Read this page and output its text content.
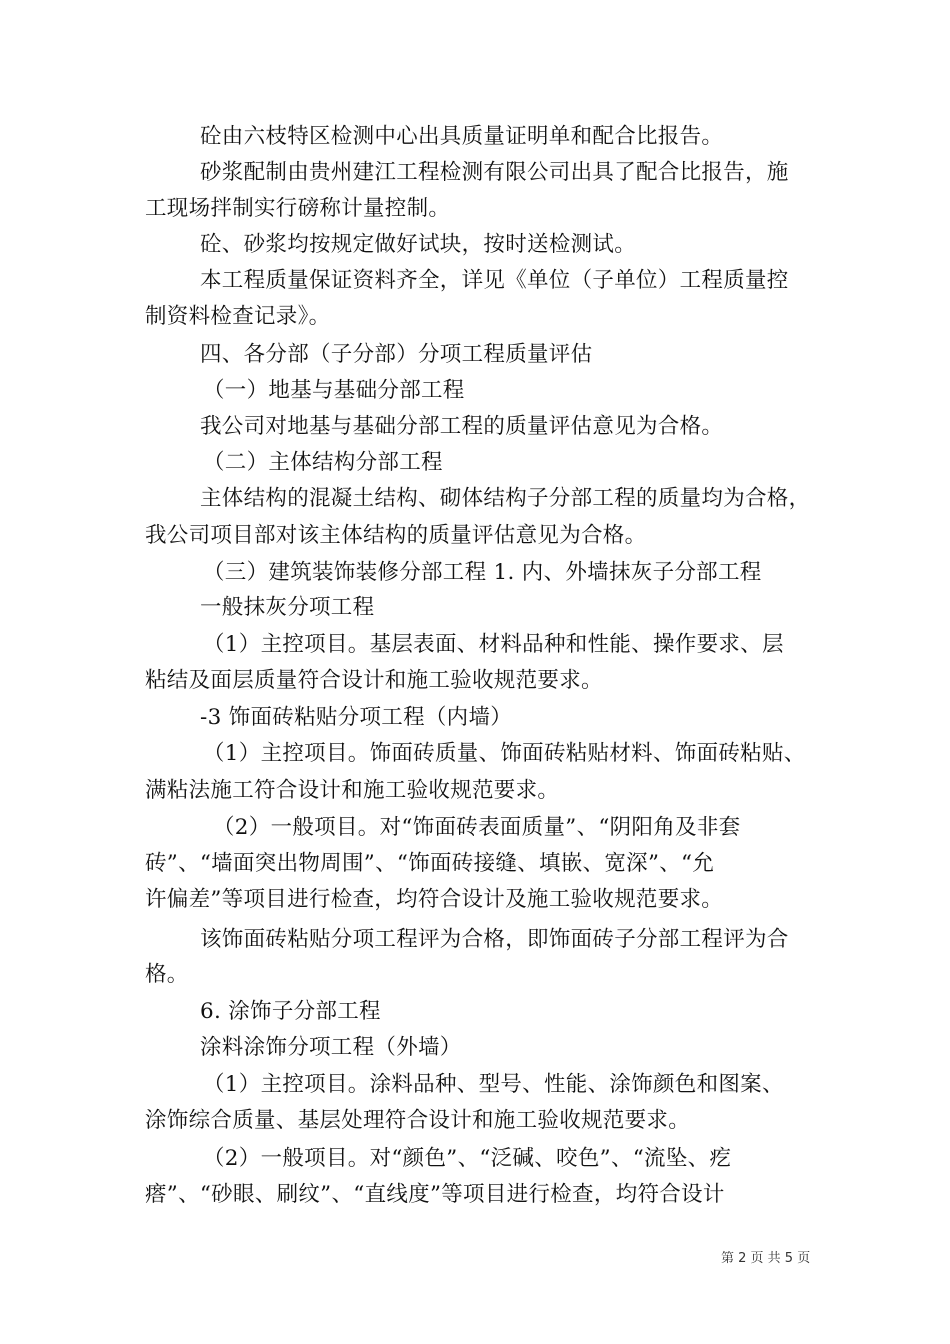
砼由六枝特区检测中心出具质量证明单和配合比报告。
砂浆配制由贵州建江工程检测有限公司出具了配合比报告，施
工现场拌制实行磅称计量控制。
砼、砂浆均按规定做好试块，按时送检测试。
本工程质量保证资料齐全，详见《单位（子单位）工程质量控
制资料检查记录》。
四、各分部（子分部）分项工程质量评估
（一）地基与基础分部工程
我公司对地基与基础分部工程的质量评估意见为合格。
（二）主体结构分部工程
主体结构的混凝土结构、砌体结构子分部工程的质量均为合格，
我公司项目部对该主体结构的质量评估意见为合格。
（三）建筑装饰装修分部工程 1. 内、外墙抹灰子分部工程
一般抹灰分项工程
（1）主控项目。基层表面、材料品种和性能、操作要求、层
粘结及面层质量符合设计和施工验收规范要求。
-3 饰面砖粘贴分项工程（内墙）
（1）主控项目。饰面砖质量、饰面砖粘贴材料、饰面砖粘贴、
满粘法施工符合设计和施工验收规范要求。
（2）一般项目。对“饰面砖表面质量”、“阴阳角及非套
砖”、“墙面突出物周围”、“饰面砖接缝、填嵌、宽深”、“允
许偏差”等项目进行检查，均符合设计及施工验收规范要求。
该饰面砖粘贴分项工程评为合格，即饰面砖子分部工程评为合
格。
6. 涂饰子分部工程
涂料涂饰分项工程（外墙）
（1）主控项目。涂料品种、型号、性能、涂饰颜色和图案、
涂饰综合质量、基层处理符合设计和施工验收规范要求。
（2）一般项目。对“颜色”、“泛碱、咬色”、“流坠、疙
瘩”、“砂眼、刷纹”、“直线度”等项目进行检查，均符合设计
第 2 页 共 5 页
